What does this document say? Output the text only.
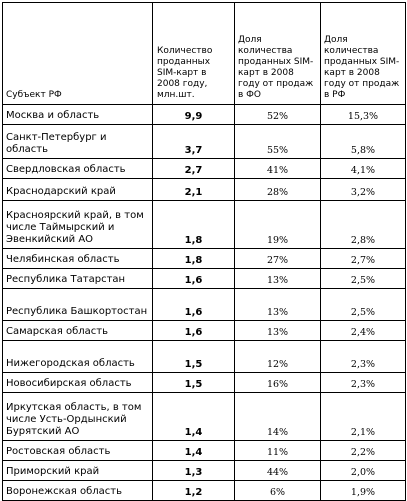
Субъект РФ	Количество проданных SIM-карт в 2008 году, млн.шт.	Доля количества проданных SIM-карт в 2008 году от продаж в ФО	Доля количества проданных SIM-карт в 2008 году от продаж в РФ
Москва и область	9,9	52%	15,3%
Санкт-Петербург и область	3,7	55%	5,8%
Свердловская область	2,7	41%	4,1%
Краснодарский край	2,1	28%	3,2%
Красноярский край, в том числе Таймырский и Эвенкийский АО	1,8	19%	2,8%
Челябинская область	1,8	27%	2,7%
Республика Татарстан	1,6	13%	2,5%
Республика Башкортостан	1,6	13%	2,5%
Самарская область	1,6	13%	2,4%
Нижегородская область	1,5	12%	2,3%
Новосибирская область	1,5	16%	2,3%
Иркутская область, в том числе Усть-Ордынский Бурятский АО	1,4	14%	2,1%
Ростовская область	1,4	11%	2,2%
Приморский край	1,3	44%	2,0%
Воронежская область	1,2	6%	1,9%
